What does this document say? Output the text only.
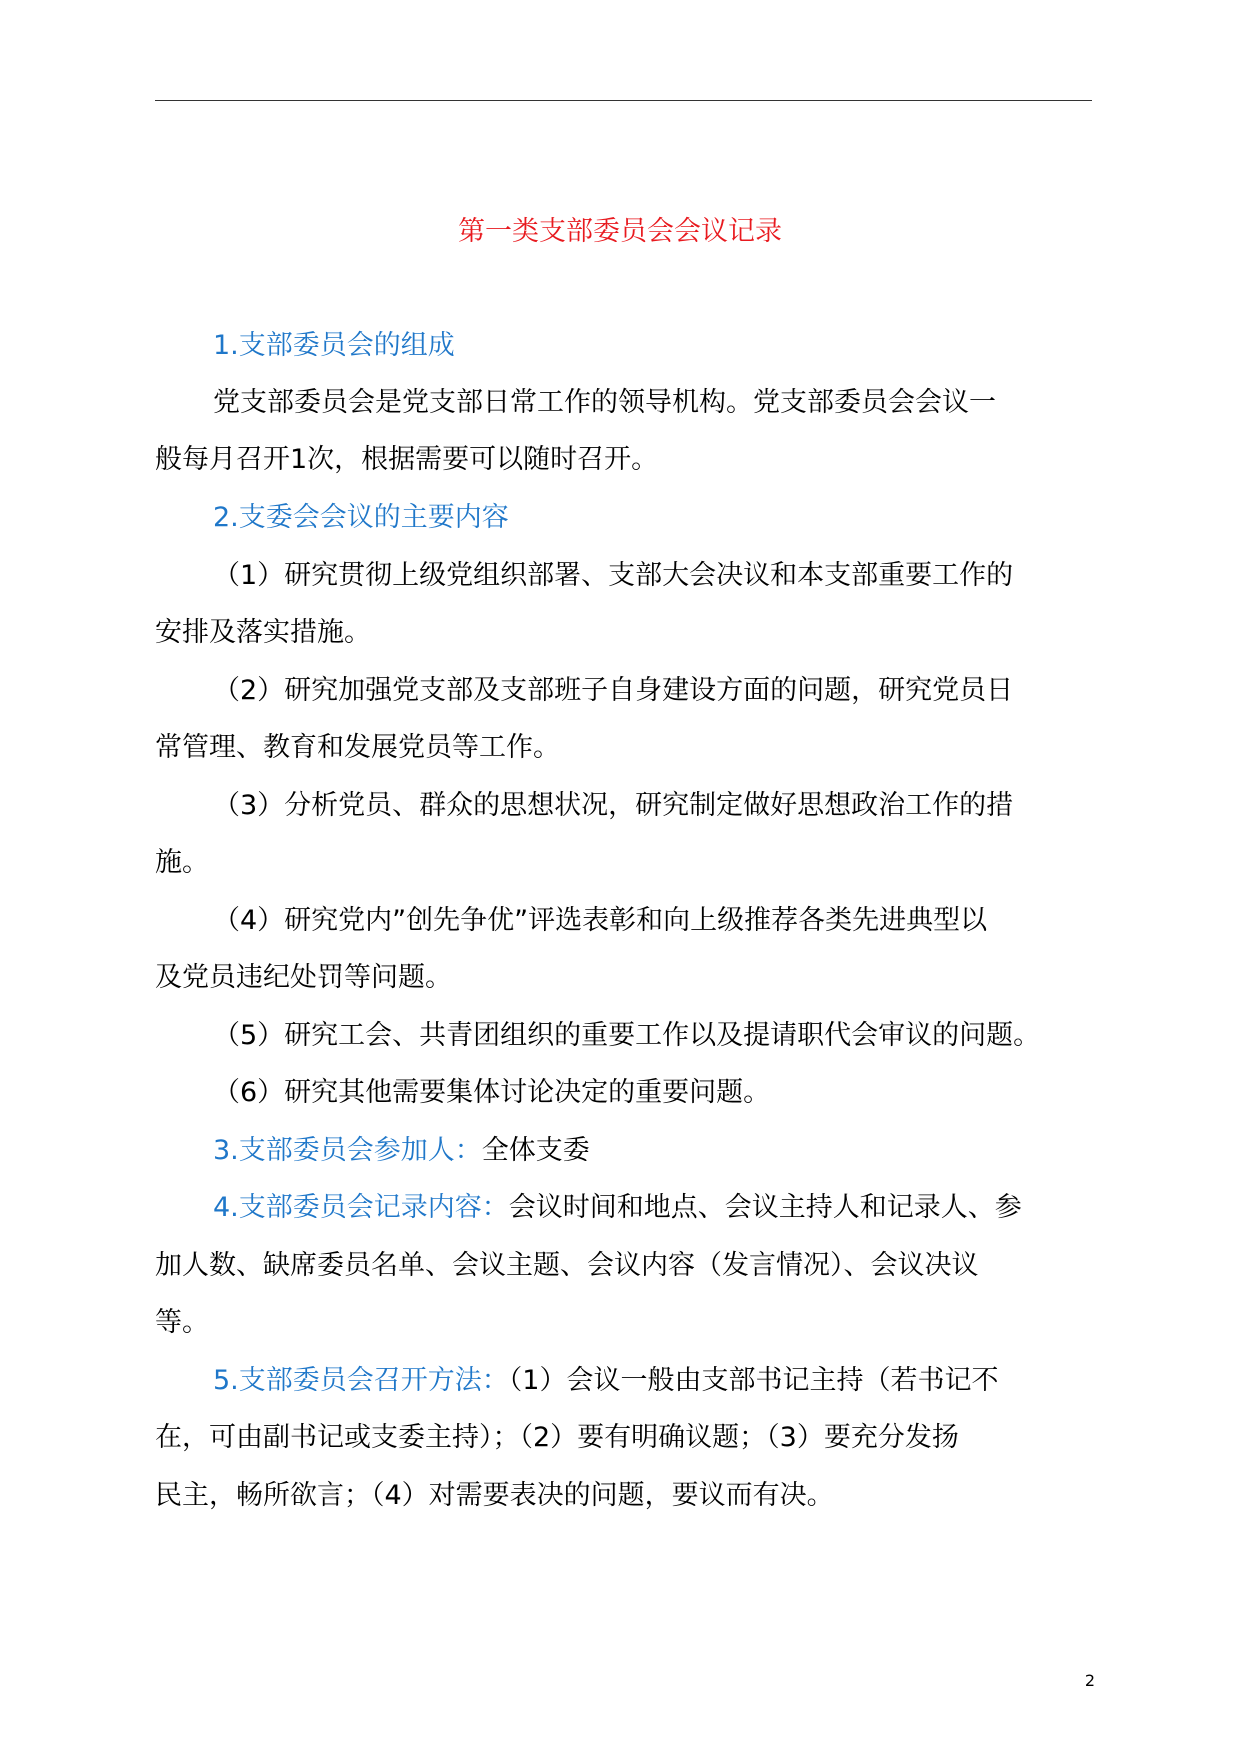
第一类支部委员会会议记录
1.支部委员会的组成
党支部委员会是党支部日常工作的领导机构。党支部委员会会议一
般每月召开1次，根据需要可以随时召开。
2.支委会会议的主要内容
（1）研究贯彻上级党组织部署、支部大会决议和本支部重要工作的
安排及落实措施。
（2）研究加强党支部及支部班子自身建设方面的问题，研究党员日
常管理、教育和发展党员等工作。
（3）分析党员、群众的思想状况，研究制定做好思想政治工作的措
施。
（4）研究党内”创先争优”评选表彰和向上级推荐各类先进典型以
及党员违纪处罚等问题。
（5）研究工会、共青团组织的重要工作以及提请职代会审议的问题。
（6）研究其他需要集体讨论决定的重要问题。
3.支部委员会参加人：全体支委
4.支部委员会记录内容：会议时间和地点、会议主持人和记录人、参
加人数、缺席委员名单、会议主题、会议内容（发言情况）、会议决议
等。
5.支部委员会召开方法：（1）会议一般由支部书记主持（若书记不
在，可由副书记或支委主持）；（2）要有明确议题；（3）要充分发扬
民主，畅所欲言；（4）对需要表决的问题，要议而有决。
2
